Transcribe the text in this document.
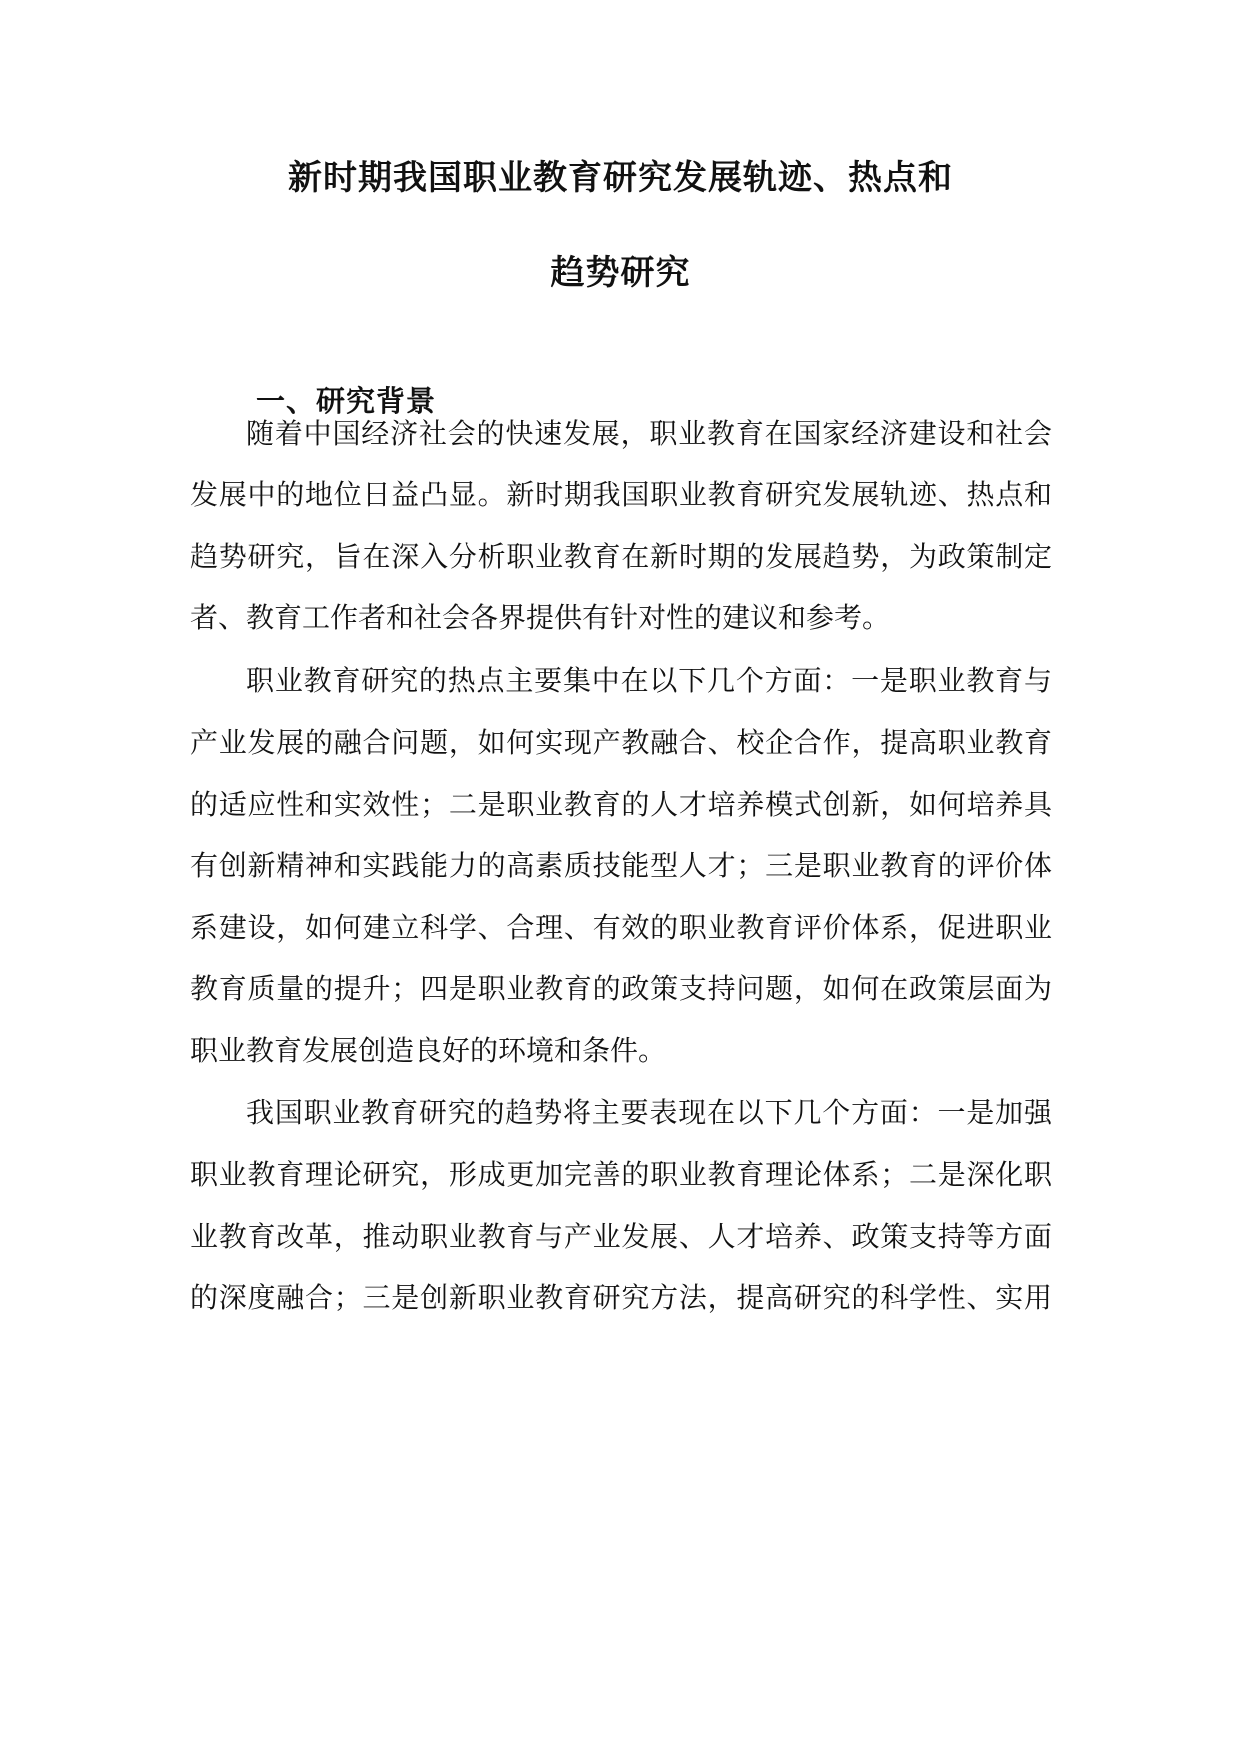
新时期我国职业教育研究发展轨迹、热点和
趋势研究
一、研究背景
随着中国经济社会的快速发展，职业教育在国家经济建设和社会
发展中的地位日益凸显。新时期我国职业教育研究发展轨迹、热点和
趋势研究，旨在深入分析职业教育在新时期的发展趋势，为政策制定
者、教育工作者和社会各界提供有针对性的建议和参考。
职业教育研究的热点主要集中在以下几个方面：一是职业教育与
产业发展的融合问题，如何实现产教融合、校企合作，提高职业教育
的适应性和实效性；二是职业教育的人才培养模式创新，如何培养具
有创新精神和实践能力的高素质技能型人才；三是职业教育的评价体
系建设，如何建立科学、合理、有效的职业教育评价体系，促进职业
教育质量的提升；四是职业教育的政策支持问题，如何在政策层面为
职业教育发展创造良好的环境和条件。
我国职业教育研究的趋势将主要表现在以下几个方面：一是加强
职业教育理论研究，形成更加完善的职业教育理论体系；二是深化职
业教育改革，推动职业教育与产业发展、人才培养、政策支持等方面
的深度融合；三是创新职业教育研究方法，提高研究的科学性、实用
